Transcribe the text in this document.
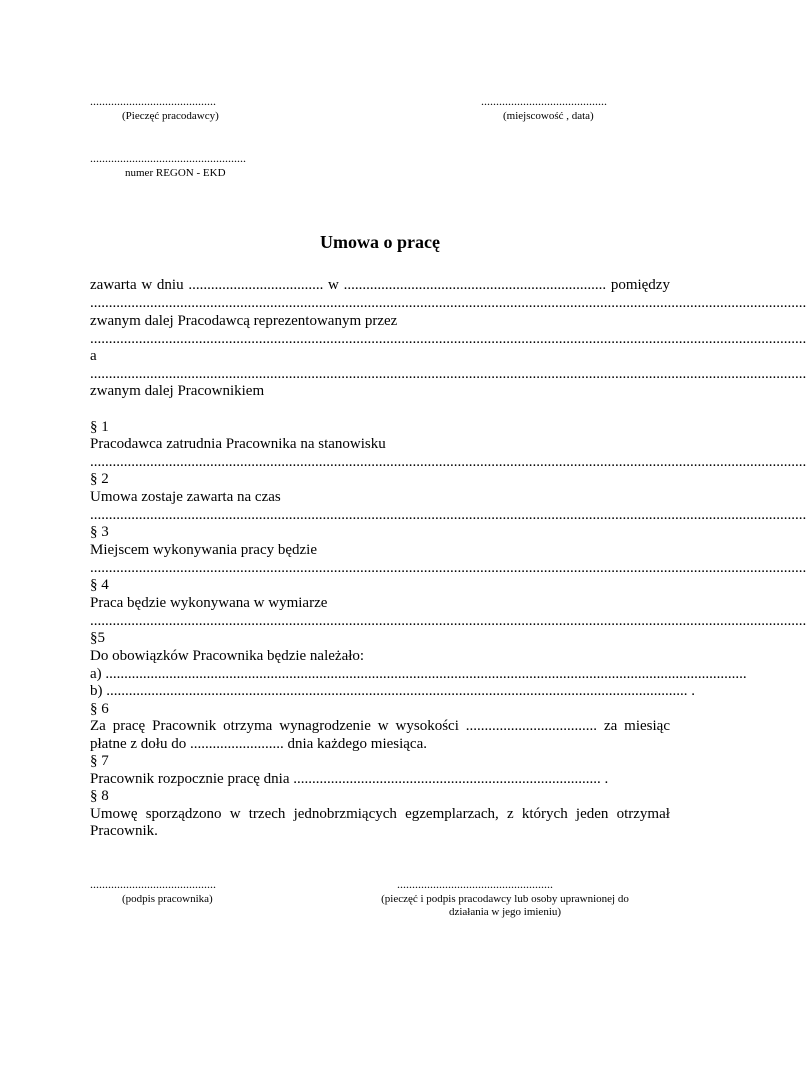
..........................................
(Pieczęć pracodawcy)
..........................................
(miejscowość , data)
....................................................
numer REGON - EKD
Umowa o pracę
zawarta w dniu .................................... w ...................................................................... pomiędzy
...............................................................................................................................................................................................
zwanym dalej Pracodawcą reprezentowanym przez
...............................................................................................................................................................................................
a
...............................................................................................................................................................................................
zwanym dalej Pracownikiem
§ 1
Pracodawca zatrudnia Pracownika na stanowisku
...............................................................................................................................................................................................
§ 2
Umowa zostaje zawarta na czas
...............................................................................................................................................................................................
§ 3
Miejscem wykonywania pracy będzie
...............................................................................................................................................................................................
§ 4
Praca będzie wykonywana w wymiarze
...............................................................................................................................................................................................
§5
Do obowiązków Pracownika będzie należało:
a) ...........................................................................................................................................................................
b) ........................................................................................................................................................... .
§ 6
Za pracę Pracownik otrzyma wynagrodzenie w wysokości ................................... za miesiąc
płatne z dołu do ......................... dnia każdego miesiąca.
§ 7
Pracownik rozpocznie pracę dnia .................................................................................. .
§ 8
Umowę sporządzono w trzech jednobrzmiących egzemplarzach, z których jeden otrzymał
Pracownik.
..........................................
(podpis pracownika)
....................................................
(pieczęć i podpis pracodawcy lub osoby uprawnionej do
działania w jego imieniu)
